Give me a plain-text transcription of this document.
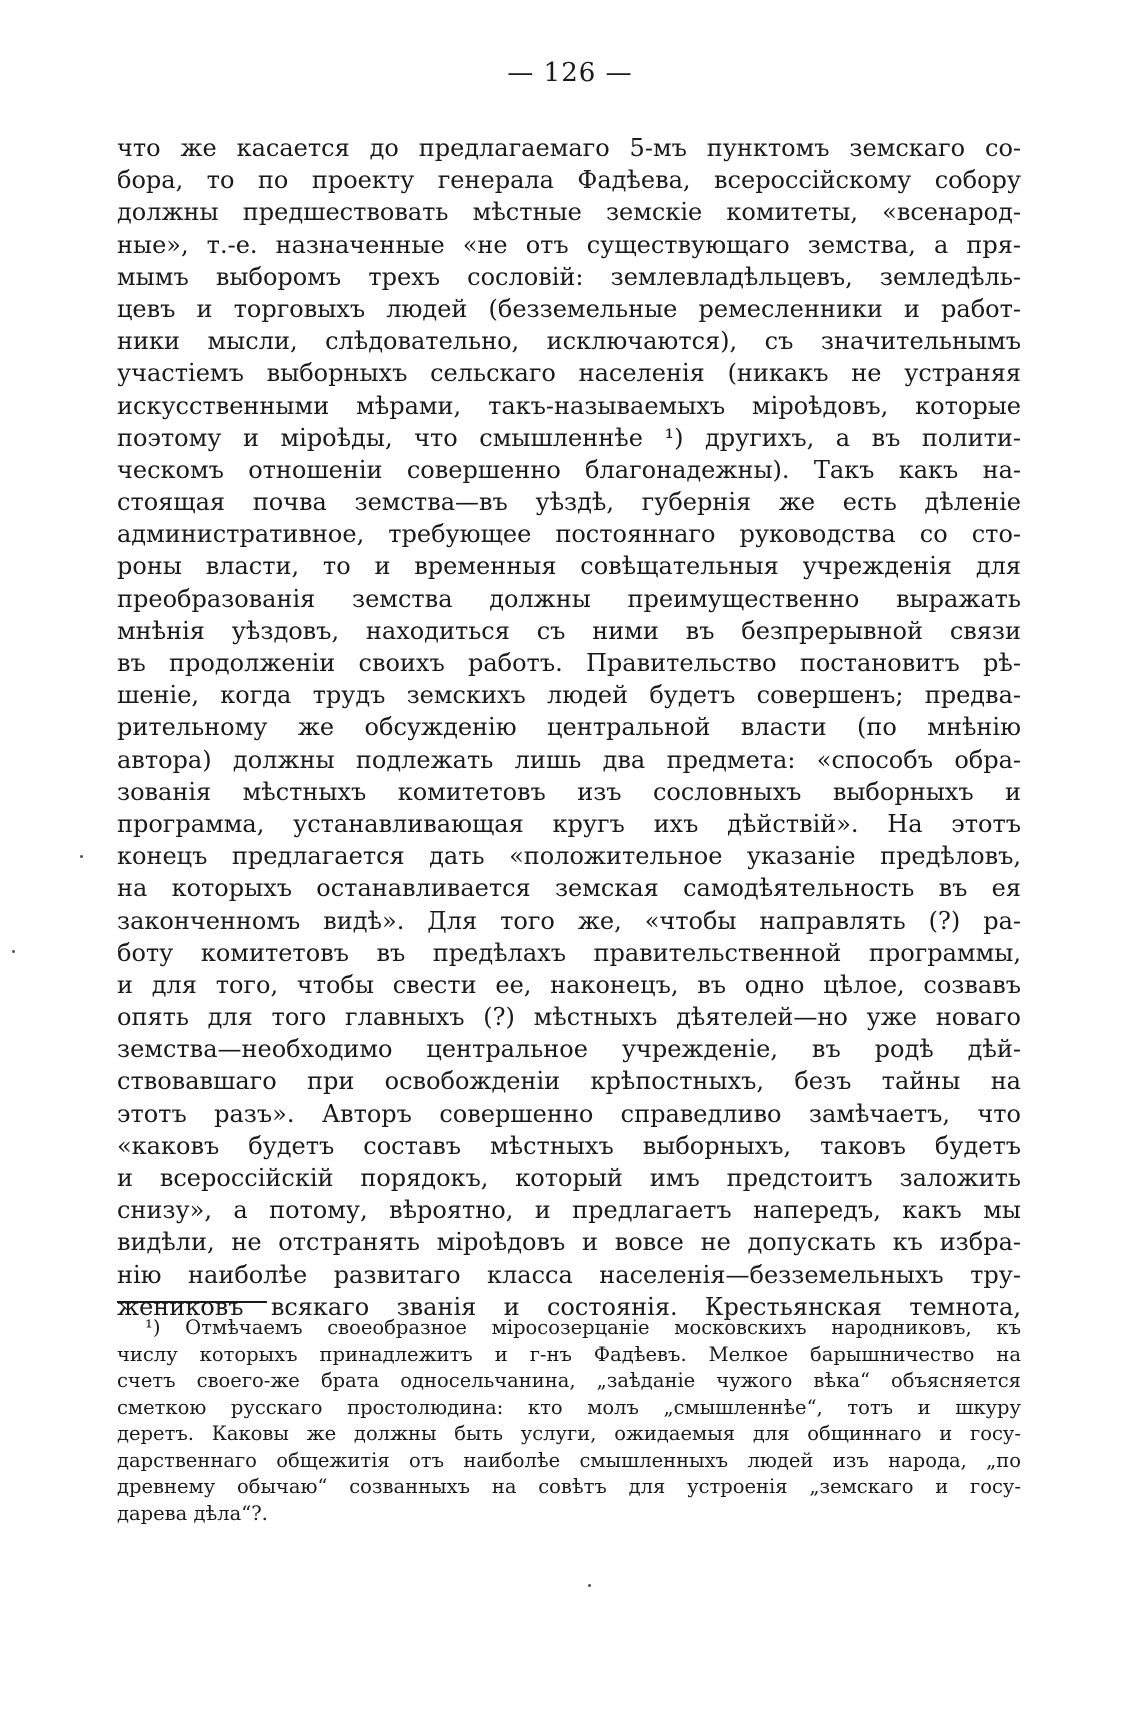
— 126 —
что же касается до предлагаемаго 5-мъ пунктомъ земскаго со-
бора, то по проекту генерала Фадѣева, всероссійскому собору
должны предшествовать мѣстные земскіе комитеты, «всенарод-
ные», т.-е. назначенные «не отъ существующаго земства, а пря-
мымъ выборомъ трехъ сословій: землевладѣльцевъ, земледѣль-
цевъ и торговыхъ людей (безземельные ремесленники и работ-
ники мысли, слѣдовательно, исключаются), съ значительнымъ
участіемъ выборныхъ сельскаго населенія (никакъ не устраняя
искусственными мѣрами, такъ-называемыхъ міроѣдовъ, которые
поэтому и міроѣды, что смышленнѣе ¹) другихъ, а въ полити-
ческомъ отношеніи совершенно благонадежны). Такъ какъ на-
стоящая почва земства—въ уѣздѣ, губернія же есть дѣленіе
административное, требующее постояннаго руководства со сто-
роны власти, то и временныя совѣщательныя учрежденія для
преобразованія земства должны преимущественно выражать
мнѣнія уѣздовъ, находиться съ ними въ безпрерывной связи
въ продолженіи своихъ работъ. Правительство постановитъ рѣ-
шеніе, когда трудъ земскихъ людей будетъ совершенъ; предва-
рительному же обсужденію центральной власти (по мнѣнію
автора) должны подлежать лишь два предмета: «способъ обра-
зованія мѣстныхъ комитетовъ изъ сословныхъ выборныхъ и
программа, устанавливающая кругъ ихъ дѣйствій». На этотъ
конецъ предлагается дать «положительное указаніе предѣловъ,
на которыхъ останавливается земская самодѣятельность въ ея
законченномъ видѣ». Для того же, «чтобы направлять (?) ра-
боту комитетовъ въ предѣлахъ правительственной программы,
и для того, чтобы свести ее, наконецъ, въ одно цѣлое, созвавъ
опять для того главныхъ (?) мѣстныхъ дѣятелей—но уже новаго
земства—необходимо центральное учрежденіе, въ родѣ дѣй-
ствовавшаго при освобожденіи крѣпостныхъ, безъ тайны на
этотъ разъ». Авторъ совершенно справедливо замѣчаетъ, что
«каковъ будетъ составъ мѣстныхъ выборныхъ, таковъ будетъ
и всероссійскій порядокъ, который имъ предстоитъ заложить
снизу», а потому, вѣроятно, и предлагаетъ напередъ, какъ мы
видѣли, не отстранять міроѣдовъ и вовсе не допускать къ избра-
нію наиболѣе развитаго класса населенія—безземельныхъ тру-
жениковъ всякаго званія и состоянія. Крестьянская темнота,
¹) Отмѣчаемъ своеобразное міросозерцаніе московскихъ народниковъ, къ
числу которыхъ принадлежитъ и г-нъ Фадѣевъ. Мелкое барышничество на
счетъ своего-же брата односельчанина, „заѣданіе чужого вѣка“ объясняется
сметкою русскаго простолюдина: кто молъ „смышленнѣе“, тотъ и шкуру
деретъ. Каковы же должны быть услуги, ожидаемыя для общиннаго и госу-
дарственнаго общежитія отъ наиболѣе смышленныхъ людей изъ народа, „по
древнему обычаю“ созванныхъ на совѣтъ для устроенія „земскаго и госу-
дарева дѣла“?.
